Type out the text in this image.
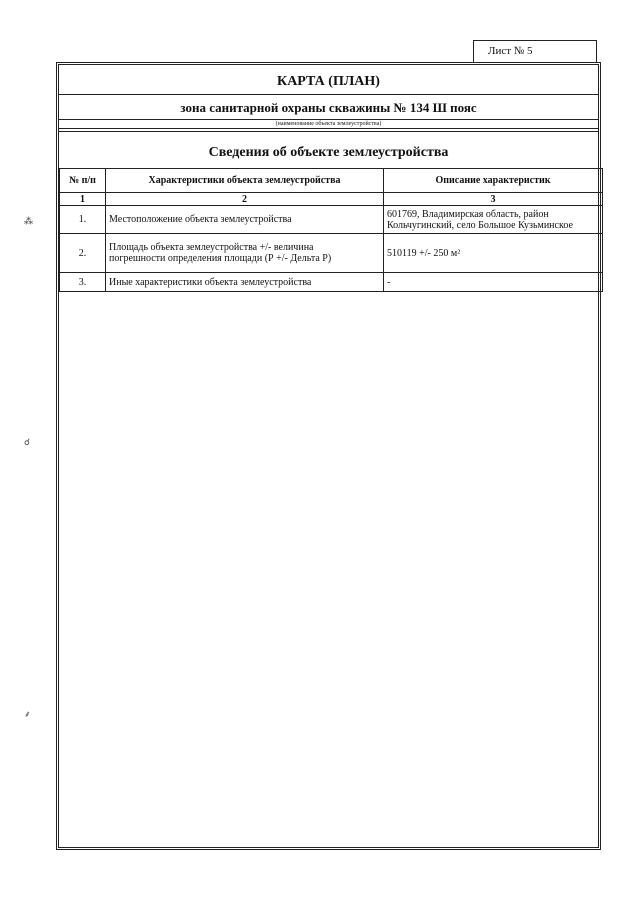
Лист № 5
КАРТА (ПЛАН)
зона санитарной охраны скважины № 134 Ш пояс
(наименование объекта землеустройства)
Сведения об объекте землеустройства
№ п/п	Характеристики объекта землеустройства	Описание характеристик
1	2	3
1.	Местоположение объекта землеустройства	601769, Владимирская область, район
Кольчугинский, село Большое Кузьминское

2.	Площадь объекта землеустройства +/- величина
погрешности определения площади (Р +/- Дельта Р)	510119 +/- 250 м²
3.	Иные характеристики объекта землеустройства	-
⁂
☌
⸙
